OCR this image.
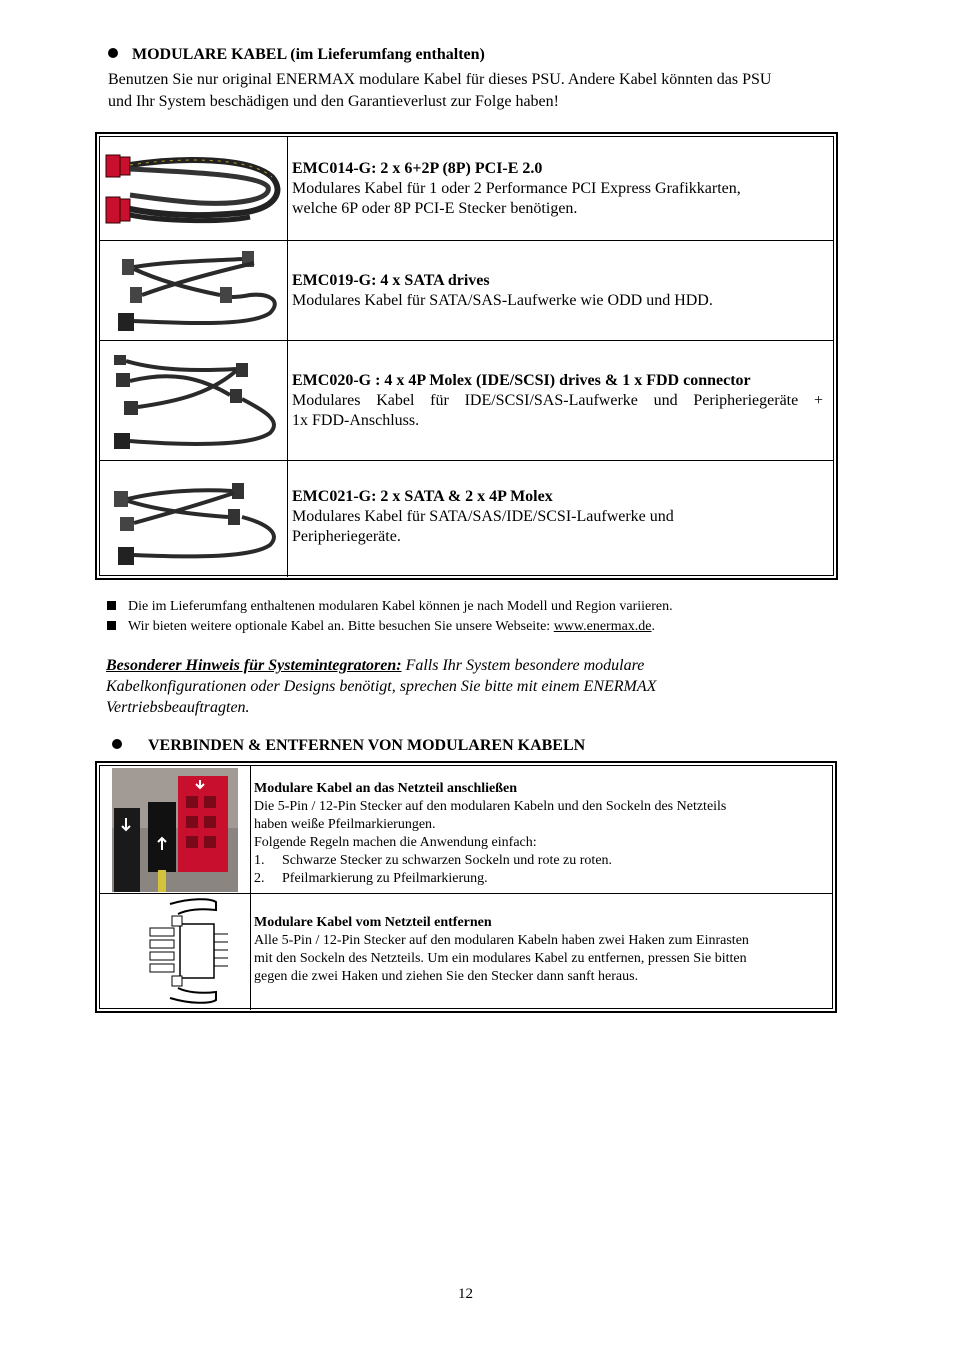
MODULARE KABEL (im Lieferumfang enthalten)
Benutzen Sie nur original ENERMAX modulare Kabel für dieses PSU. Andere Kabel könnten das PSU
und Ihr System beschädigen und den Garantieverlust zur Folge haben!
EMC014-G: 2 x 6+2P (8P) PCI-E 2.0
Modulares Kabel für 1 oder 2 Performance PCI Express Grafikkarten,
welche 6P oder 8P PCI-E Stecker benötigen.
EMC019-G: 4 x SATA drives
Modulares Kabel für SATA/SAS-Laufwerke wie ODD und HDD.
EMC020-G : 4 x 4P Molex (IDE/SCSI) drives & 1 x FDD connector
Modulares Kabel für IDE/SCSI/SAS-Laufwerke und Peripheriegeräte +
1x FDD-Anschluss.
EMC021-G: 2 x SATA & 2 x 4P Molex
Modulares Kabel für SATA/SAS/IDE/SCSI-Laufwerke und
Peripheriegeräte.
Die im Lieferumfang enthaltenen modularen Kabel können je nach Modell und Region variieren.
Wir bieten weitere optionale Kabel an. Bitte besuchen Sie unsere Webseite: www.enermax.de.
Besonderer Hinweis für Systemintegratoren: Falls Ihr System besondere modulare
Kabelkonfigurationen oder Designs benötigt, sprechen Sie bitte mit einem ENERMAX
Vertriebsbeauftragten.
VERBINDEN & ENTFERNEN VON MODULAREN KABELN
Modulare Kabel an das Netzteil anschließen
Die 5-Pin / 12-Pin Stecker auf den modularen Kabeln und den Sockeln des Netzteils
haben weiße Pfeilmarkierungen.
Folgende Regeln machen die Anwendung einfach:
1. Schwarze Stecker zu schwarzen Sockeln und rote zu roten.
2. Pfeilmarkierung zu Pfeilmarkierung.
Modulare Kabel vom Netzteil entfernen
Alle 5-Pin / 12-Pin Stecker auf den modularen Kabeln haben zwei Haken zum Einrasten
mit den Sockeln des Netzteils. Um ein modulares Kabel zu entfernen, pressen Sie bitten
gegen die zwei Haken und ziehen Sie den Stecker dann sanft heraus.
12
